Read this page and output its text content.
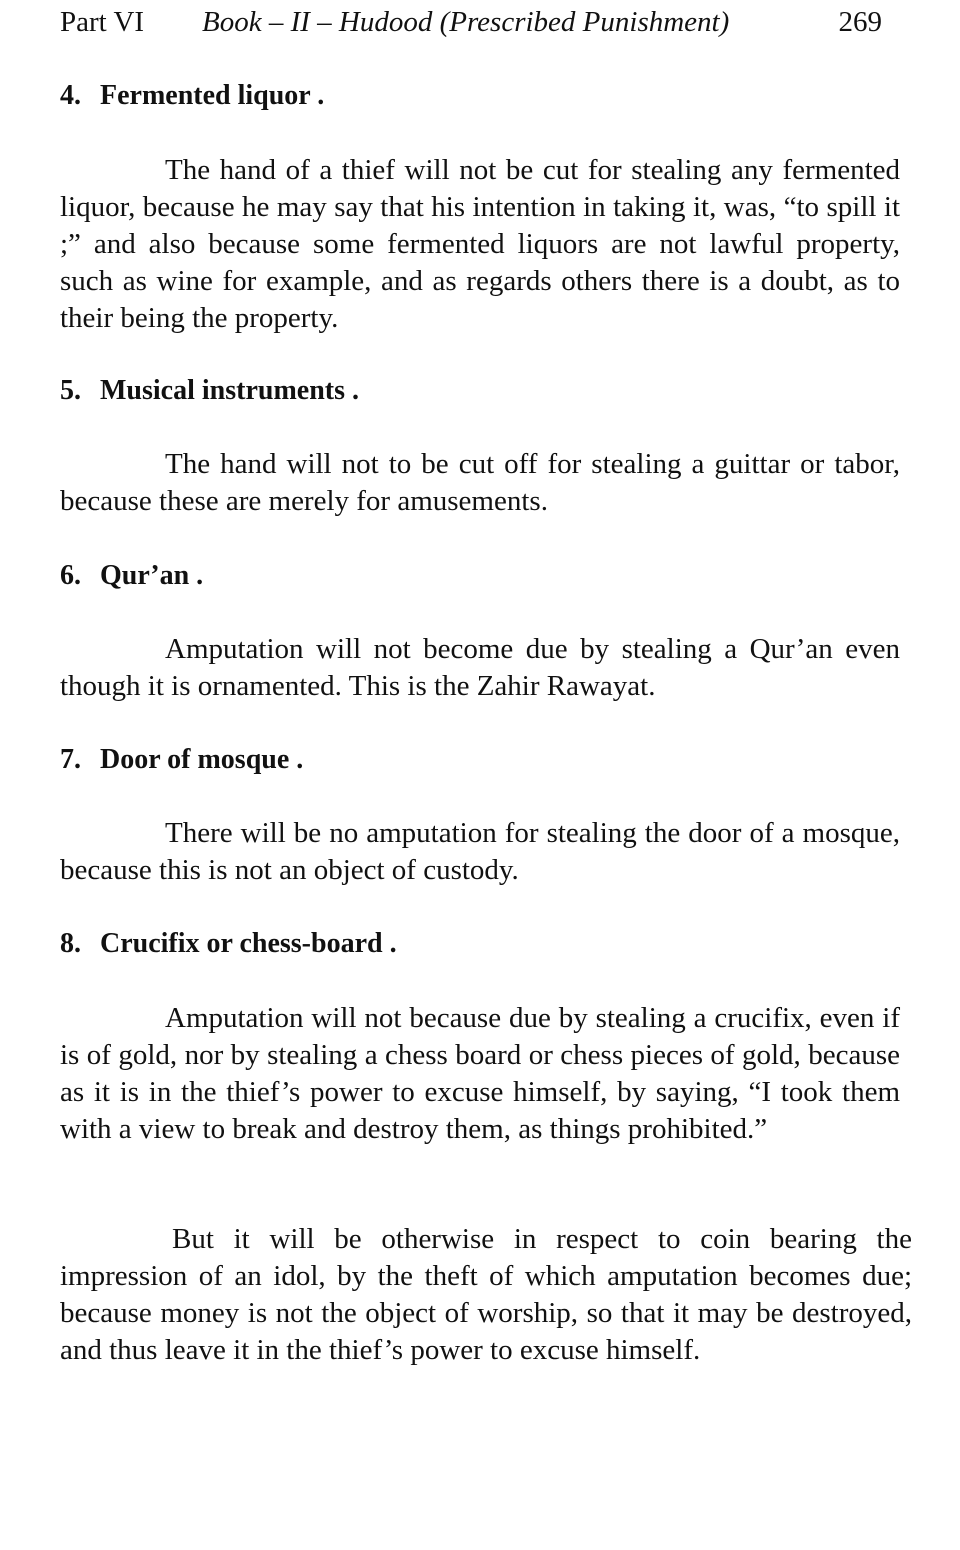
Part VI Book – II – Hudood (Prescribed Punishment)	269
4. Fermented liquor .

The hand of a thief will not be cut for stealing any fermented liquor, because he may say that his intention in taking it, was, “to spill it ;” and also because some fermented liquors are not lawful property, such as wine for example, and as regards others there is a doubt, as to their being the property.

5. Musical instruments .

The hand will not to be cut off for stealing a guittar or tabor, because these are merely for amusements.

6. Qur’an .

Amputation will not become due by stealing a Qur’an even though it is ornamented. This is the Zahir Rawayat.

7. Door of mosque .

There will be no amputation for stealing the door of a mosque, because this is not an object of custody.

8. Crucifix or chess-board .

Amputation will not because due by stealing a crucifix, even if is of gold, nor by stealing a chess board or chess pieces of gold, because as it is in the thief’s power to excuse himself, by saying, “I took them with a view to break and destroy them, as things prohibited.”

But it will be otherwise in respect to coin bearing the impression of an idol, by the theft of which amputation becomes due; because money is not the object of worship, so that it may be destroyed, and thus leave it in the thief’s power to excuse himself.
